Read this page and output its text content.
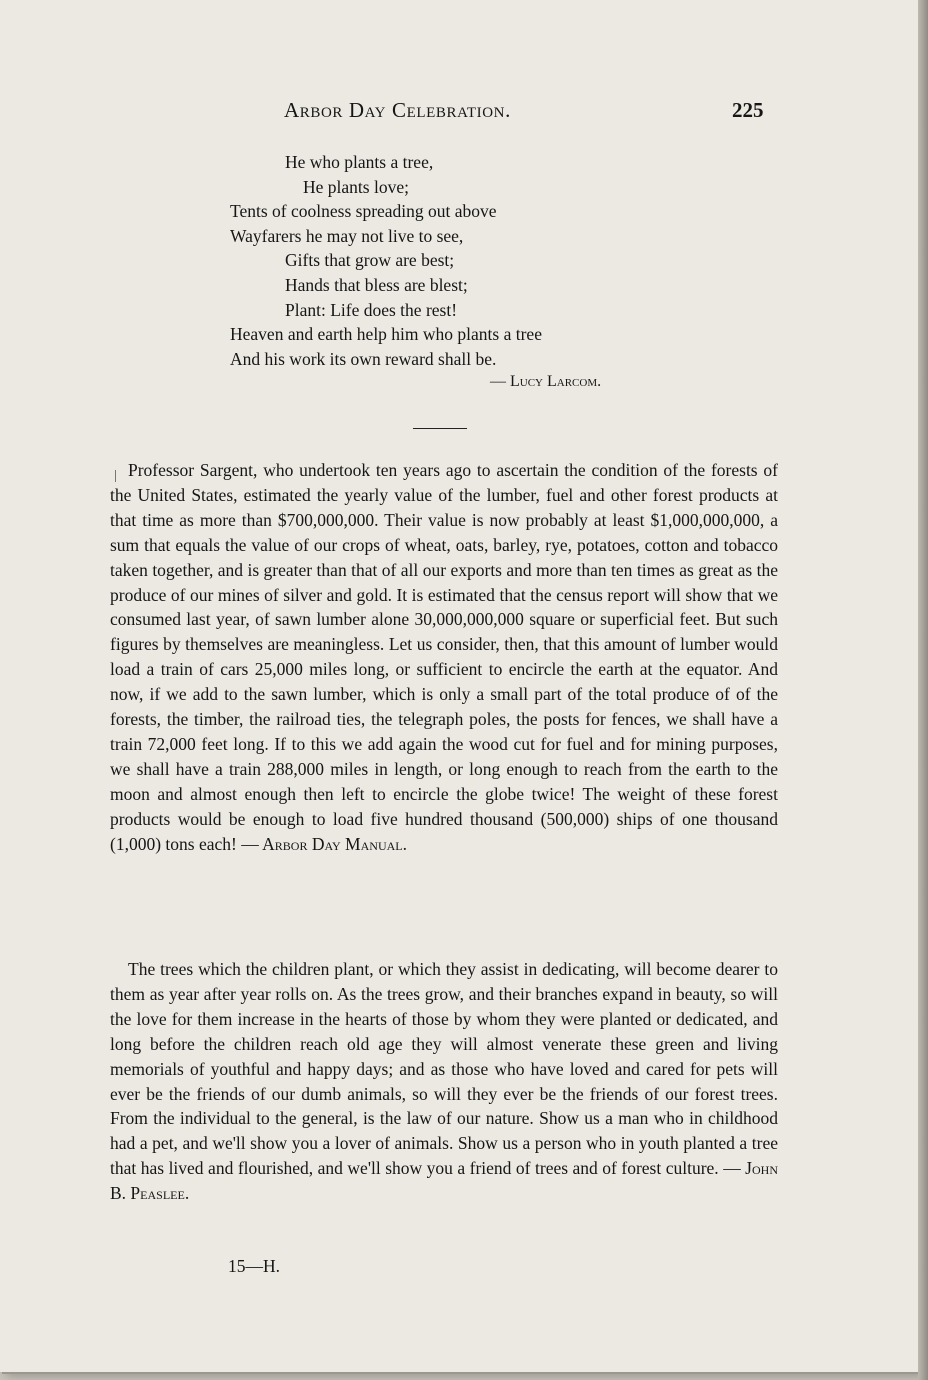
Arbor Day Celebration.	225
He who plants a tree,
He plants love;
Tents of coolness spreading out above
Wayfarers he may not live to see,
Gifts that grow are best;
Hands that bless are blest;
Plant: Life does the rest!
Heaven and earth help him who plants a tree
And his work its own reward shall be.
— Lucy Larcom.

Professor Sargent, who undertook ten years ago to ascertain the condition of the forests of the United States, estimated the yearly value of the lumber, fuel and other forest products at that time as more than $700,000,000. Their value is now probably at least $1,000,000,000, a sum that equals the value of our crops of wheat, oats, barley, rye, potatoes, cotton and tobacco taken together, and is greater than that of all our exports and more than ten times as great as the produce of our mines of silver and gold. It is estimated that the census report will show that we consumed last year, of sawn lumber alone 30,000,000,000 square or superficial feet. But such figures by themselves are meaningless. Let us consider, then, that this amount of lumber would load a train of cars 25,000 miles long, or sufficient to encircle the earth at the equator. And now, if we add to the sawn lumber, which is only a small part of the total produce of of the forests, the timber, the railroad ties, the telegraph poles, the posts for fences, we shall have a train 72,000 feet long. If to this we add again the wood cut for fuel and for mining purposes, we shall have a train 288,000 miles in length, or long enough to reach from the earth to the moon and almost enough then left to encircle the globe twice! The weight of these forest products would be enough to load five hundred thousand (500,000) ships of one thousand (1,000) tons each! — Arbor Day Manual.

The trees which the children plant, or which they assist in dedicating, will become dearer to them as year after year rolls on. As the trees grow, and their branches expand in beauty, so will the love for them increase in the hearts of those by whom they were planted or dedicated, and long before the children reach old age they will almost venerate these green and living memorials of youthful and happy days; and as those who have loved and cared for pets will ever be the friends of our dumb animals, so will they ever be the friends of our forest trees. From the individual to the general, is the law of our nature. Show us a man who in childhood had a pet, and we'll show you a lover of animals. Show us a person who in youth planted a tree that has lived and flourished, and we'll show you a friend of trees and of forest culture. — John B. Peaslee.

15—H.
